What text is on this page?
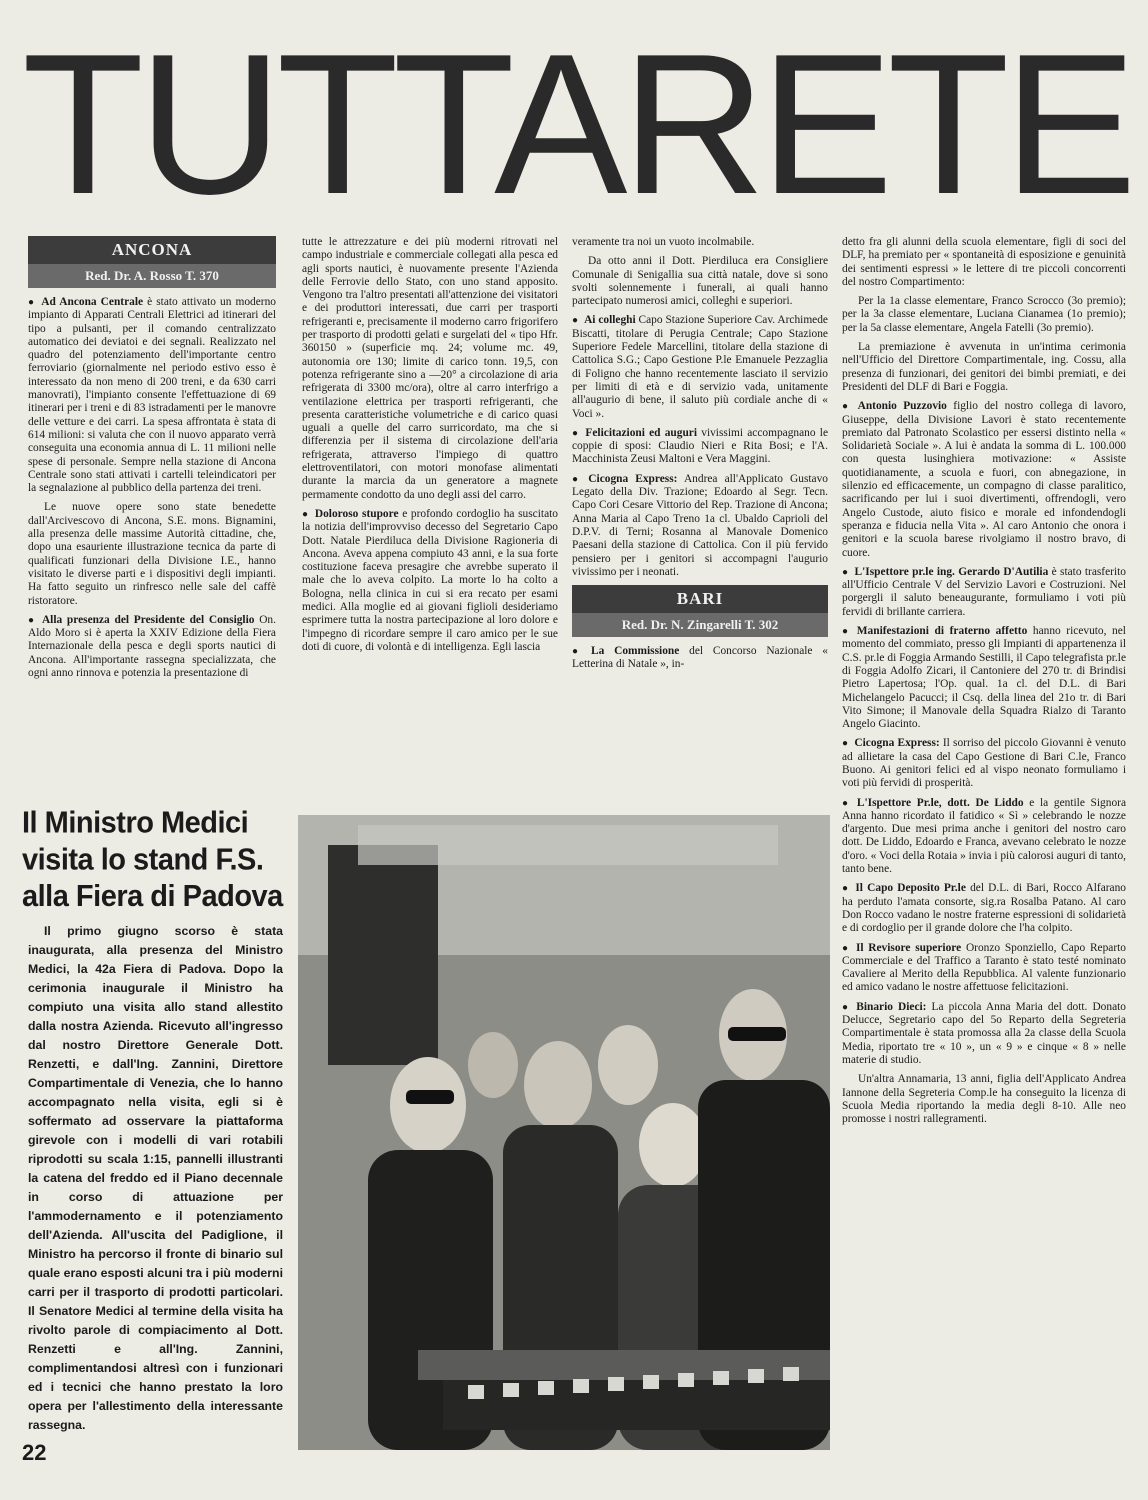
TUTTARETE
ANCONA
Red. Dr. A. Rosso T. 370

● Ad Ancona Centrale è stato attivato un moderno impianto di Apparati Centrali Elettrici ad itinerari del tipo a pulsanti, per il comando centralizzato automatico dei deviatoi e dei segnali. Realizzato nel quadro del potenziamento dell'importante centro ferroviario (giornalmente nel periodo estivo esso è interessato da non meno di 200 treni, e da 630 carri manovrati), l'impianto consente l'effettuazione di 69 itinerari per i treni e di 83 istradamenti per le manovre delle vetture e dei carri. La spesa affrontata è stata di 614 milioni: si valuta che con il nuovo apparato verrà conseguita una economia annua di L. 11 milioni nelle spese di personale. Sempre nella stazione di Ancona Centrale sono stati attivati i cartelli teleindicatori per la segnalazione al pubblico della partenza dei treni.

Le nuove opere sono state benedette dall'Arcivescovo di Ancona, S.E. mons. Bignamini, alla presenza delle massime Autorità cittadine, che, dopo una esauriente illustrazione tecnica da parte di qualificati funzionari della Divisione I.E., hanno visitato le diverse parti e i dispositivi degli impianti. Ha fatto seguito un rinfresco nelle sale del caffè ristoratore.

● Alla presenza del Presidente del Consiglio On. Aldo Moro si è aperta la XXIV Edizione della Fiera Internazionale della pesca e degli sports nautici di Ancona. All'importante rassegna specializzata, che ogni anno rinnova e potenzia la presentazione di

tutte le attrezzature e dei più moderni ritrovati nel campo industriale e commerciale collegati alla pesca ed agli sports nautici, è nuovamente presente l'Azienda delle Ferrovie dello Stato, con uno stand apposito. Vengono tra l'altro presentati all'attenzione dei visitatori e dei produttori interessati, due carri per trasporti refrigeranti e, precisamente il moderno carro frigorifero per trasporto di prodotti gelati e surgelati del « tipo Hfr. 360150 » (superficie mq. 24; volume mc. 49, autonomia ore 130; limite di carico tonn. 19,5, con potenza refrigerante sino a —20° a circolazione di aria refrigerata di 3300 mc/ora), oltre al carro interfrigo a ventilazione elettrica per trasporti refrigeranti, che presenta caratteristiche volumetriche e di carico quasi uguali a quelle del carro surricordato, ma che si differenzia per il sistema di circolazione dell'aria refrigerata, attraverso l'impiego di quattro elettroventilatori, con motori monofase alimentati durante la marcia da un generatore a magnete permamente condotto da uno degli assi del carro.

● Doloroso stupore e profondo cordoglio ha suscitato la notizia dell'improvviso decesso del Segretario Capo Dott. Natale Pierdiluca della Divisione Ragioneria di Ancona. Aveva appena compiuto 43 anni, e la sua forte costituzione faceva presagire che avrebbe superato il male che lo aveva colpito. La morte lo ha colto a Bologna, nella clinica in cui si era recato per esami medici. Alla moglie ed ai giovani figlioli desideriamo esprimere tutta la nostra partecipazione al loro dolore e l'impegno di ricordare sempre il caro amico per le sue doti di cuore, di volontà e di intelligenza. Egli lascia

veramente tra noi un vuoto incolmabile.

Da otto anni il Dott. Pierdiluca era Consigliere Comunale di Senigallia sua città natale, dove si sono svolti solennemente i funerali, ai quali hanno partecipato numerosi amici, colleghi e superiori.

● Ai colleghi Capo Stazione Superiore Cav. Archimede Biscatti, titolare di Perugia Centrale; Capo Stazione Superiore Fedele Marcellini, titolare della stazione di Cattolica S.G.; Capo Gestione P.le Emanuele Pezzaglia di Foligno che hanno recentemente lasciato il servizio per limiti di età e di servizio vada, unitamente all'augurio di bene, il saluto più cordiale anche di « Voci ».

● Felicitazioni ed auguri vivissimi accompagnano le coppie di sposi: Claudio Nieri e Rita Bosi; e l'A. Macchinista Zeusi Maltoni e Vera Maggini.

● Cicogna Express: Andrea all'Applicato Gustavo Legato della Div. Trazione; Edoardo al Segr. Tecn. Capo Cori Cesare Vittorio del Rep. Trazione di Ancona; Anna Maria al Capo Treno 1a cl. Ubaldo Caprioli del D.P.V. di Terni; Rosanna al Manovale Domenico Paesani della stazione di Cattolica. Con il più fervido pensiero per i genitori si accompagni l'augurio vivissimo per i neonati.

BARI
Red. Dr. N. Zingarelli T. 302

● La Commissione del Concorso Nazionale « Letterina di Natale », in-

detto fra gli alunni della scuola elementare, figli di soci del DLF, ha premiato per « spontaneità di esposizione e genuinità dei sentimenti espressi » le lettere di tre piccoli concorrenti del nostro Compartimento:

Per la 1a classe elementare, Franco Scrocco (3o premio); per la 3a classe elementare, Luciana Cianamea (1o premio); per la 5a classe elementare, Angela Fatelli (3o premio).

La premiazione è avvenuta in un'intima cerimonia nell'Ufficio del Direttore Compartimentale, ing. Cossu, alla presenza di funzionari, dei genitori dei bimbi premiati, e dei Presidenti del DLF di Bari e Foggia.

● Antonio Puzzovio figlio del nostro collega di lavoro, Giuseppe, della Divisione Lavori è stato recentemente premiato dal Patronato Scolastico per essersi distinto nella « Solidarietà Sociale ». A lui è andata la somma di L. 100.000 con questa lusinghiera motivazione: « Assiste quotidianamente, a scuola e fuori, con abnegazione, in silenzio ed efficacemente, un compagno di classe paralitico, sacrificando per lui i suoi divertimenti, offrendogli, vero Angelo Custode, aiuto fisico e morale ed infondendogli speranza e fiducia nella Vita ». Al caro Antonio che onora i genitori e la scuola barese rivolgiamo il nostro bravo, di cuore.

● L'Ispettore pr.le ing. Gerardo D'Autilia è stato trasferito all'Ufficio Centrale V del Servizio Lavori e Costruzioni. Nel porgergli il saluto beneaugurante, formuliamo i voti più fervidi di brillante carriera.

● Manifestazioni di fraterno affetto hanno ricevuto, nel momento del commiato, presso gli Impianti di appartenenza il C.S. pr.le di Foggia Armando Sestilli, il Capo telegrafista pr.le di Foggia Adolfo Zicari, il Cantoniere del 270 tr. di Brindisi Pietro Lapertosa; l'Op. qual. 1a cl. del D.L. di Bari Michelangelo Pacucci; il Csq. della linea del 21o tr. di Bari Vito Simone; il Manovale della Squadra Rialzo di Taranto Angelo Giacinto.

● Cicogna Express: Il sorriso del piccolo Giovanni è venuto ad allietare la casa del Capo Gestione di Bari C.le, Franco Buono. Ai genitori felici ed al vispo neonato formuliamo i voti più fervidi di prosperità.

● L'Ispettore Pr.le, dott. De Liddo e la gentile Signora Anna hanno ricordato il fatidico « Sì » celebrando le nozze d'argento. Due mesi prima anche i genitori del nostro caro dott. De Liddo, Edoardo e Franca, avevano celebrato le nozze d'oro. « Voci della Rotaia » invia i più calorosi auguri di tanto, tanto bene.

● Il Capo Deposito Pr.le del D.L. di Bari, Rocco Alfarano ha perduto l'amata consorte, sig.ra Rosalba Patano. Al caro Don Rocco vadano le nostre fraterne espressioni di solidarietà e di cordoglio per il grande dolore che l'ha colpito.

● Il Revisore superiore Oronzo Sponziello, Capo Reparto Commerciale e del Traffico a Taranto è stato testé nominato Cavaliere al Merito della Repubblica. Al valente funzionario ed amico vadano le nostre affettuose felicitazioni.

● Binario Dieci: La piccola Anna Maria del dott. Donato Delucce, Segretario capo del 5o Reparto della Segreteria Compartimentale è stata promossa alla 2a classe della Scuola Media, riportato tre « 10 », un « 9 » e cinque « 8 » nelle materie di studio.

Un'altra Annamaria, 13 anni, figlia dell'Applicato Andrea Iannone della Segreteria Comp.le ha conseguito la licenza di Scuola Media riportando la media degli 8-10. Alle neo promosse i nostri rallegramenti.

Il Ministro Medici visita lo stand F.S. alla Fiera di Padova
Il primo giugno scorso è stata inaugurata, alla presenza del Ministro Medici, la 42a Fiera di Padova. Dopo la cerimonia inaugurale il Ministro ha compiuto una visita allo stand allestito dalla nostra Azienda. Ricevuto all'ingresso dal nostro Direttore Generale Dott. Renzetti, e dall'Ing. Zannini, Direttore Compartimentale di Venezia, che lo hanno accompagnato nella visita, egli si è soffermato ad osservare la piattaforma girevole con i modelli di vari rotabili riprodotti su scala 1:15, pannelli illustranti la catena del freddo ed il Piano decennale in corso di attuazione per l'ammodernamento e il potenziamento dell'Azienda. All'uscita del Padiglione, il Ministro ha percorso il fronte di binario sul quale erano esposti alcuni tra i più moderni carri per il trasporto di prodotti particolari. Il Senatore Medici al termine della visita ha rivolto parole di compiacimento al Dott. Renzetti e all'Ing. Zannini, complimentandosi altresì con i funzionari ed i tecnici che hanno prestato la loro opera per l'allestimento della interessante rassegna.
22
